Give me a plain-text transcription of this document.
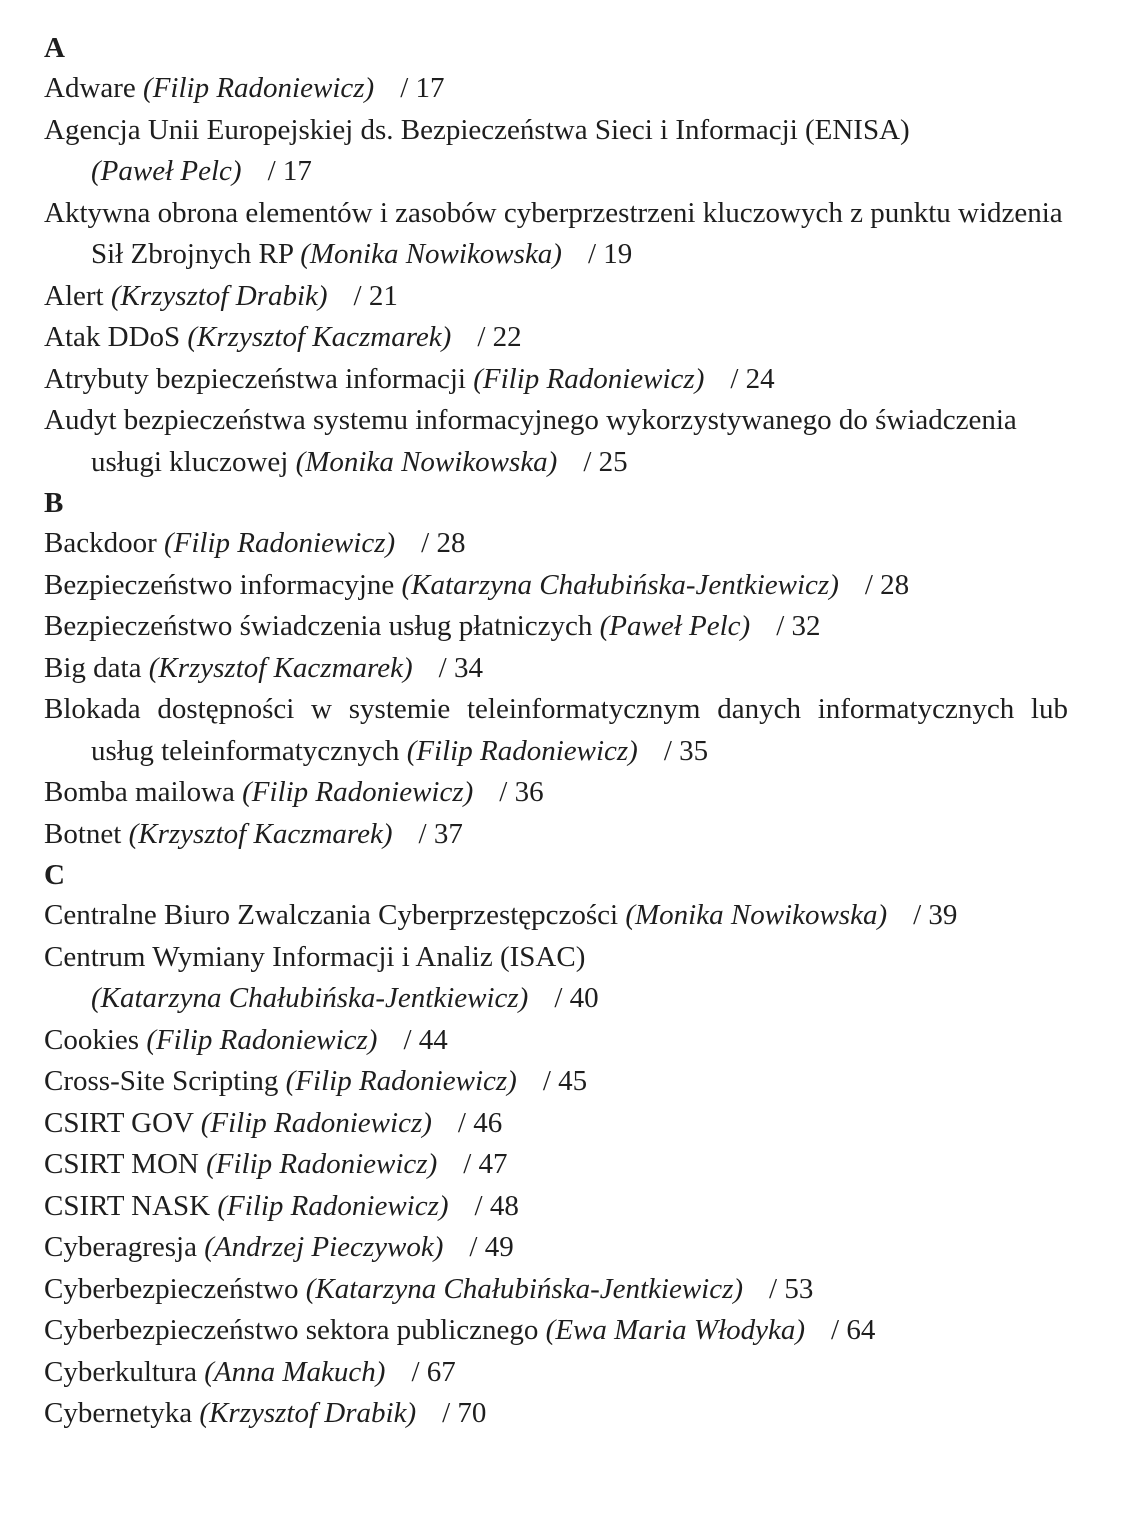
A

Adware (Filip Radoniewicz) / 17

Agencja Unii Europejskiej ds. Bezpieczeństwa Sieci i Informacji (ENISA)
(Paweł Pelc) / 17

Aktywna obrona elementów i zasobów cyberprzestrzeni kluczowych z punktu widzenia Sił Zbrojnych RP (Monika Nowikowska) / 19

Alert (Krzysztof Drabik) / 21

Atak DDoS (Krzysztof Kaczmarek) / 22

Atrybuty bezpieczeństwa informacji (Filip Radoniewicz) / 24

Audyt bezpieczeństwa systemu informacyjnego wykorzystywanego do świadczenia usługi kluczowej (Monika Nowikowska) / 25

B

Backdoor (Filip Radoniewicz) / 28

Bezpieczeństwo informacyjne (Katarzyna Chałubińska-Jentkiewicz) / 28

Bezpieczeństwo świadczenia usług płatniczych (Paweł Pelc) / 32

Big data (Krzysztof Kaczmarek) / 34

Blokada dostępności w systemie teleinformatycznym danych informatycznych lub usług teleinformatycznych (Filip Radoniewicz) / 35

Bomba mailowa (Filip Radoniewicz) / 36

Botnet (Krzysztof Kaczmarek) / 37

C

Centralne Biuro Zwalczania Cyberprzestępczości (Monika Nowikowska) / 39

Centrum Wymiany Informacji i Analiz (ISAC)
(Katarzyna Chałubińska-Jentkiewicz) / 40

Cookies (Filip Radoniewicz) / 44

Cross-Site Scripting (Filip Radoniewicz) / 45

CSIRT GOV (Filip Radoniewicz) / 46

CSIRT MON (Filip Radoniewicz) / 47

CSIRT NASK (Filip Radoniewicz) / 48

Cyberagresja (Andrzej Pieczywok) / 49

Cyberbezpieczeństwo (Katarzyna Chałubińska-Jentkiewicz) / 53

Cyberbezpieczeństwo sektora publicznego (Ewa Maria Włodyka) / 64

Cyberkultura (Anna Makuch) / 67

Cybernetyka (Krzysztof Drabik) / 70
